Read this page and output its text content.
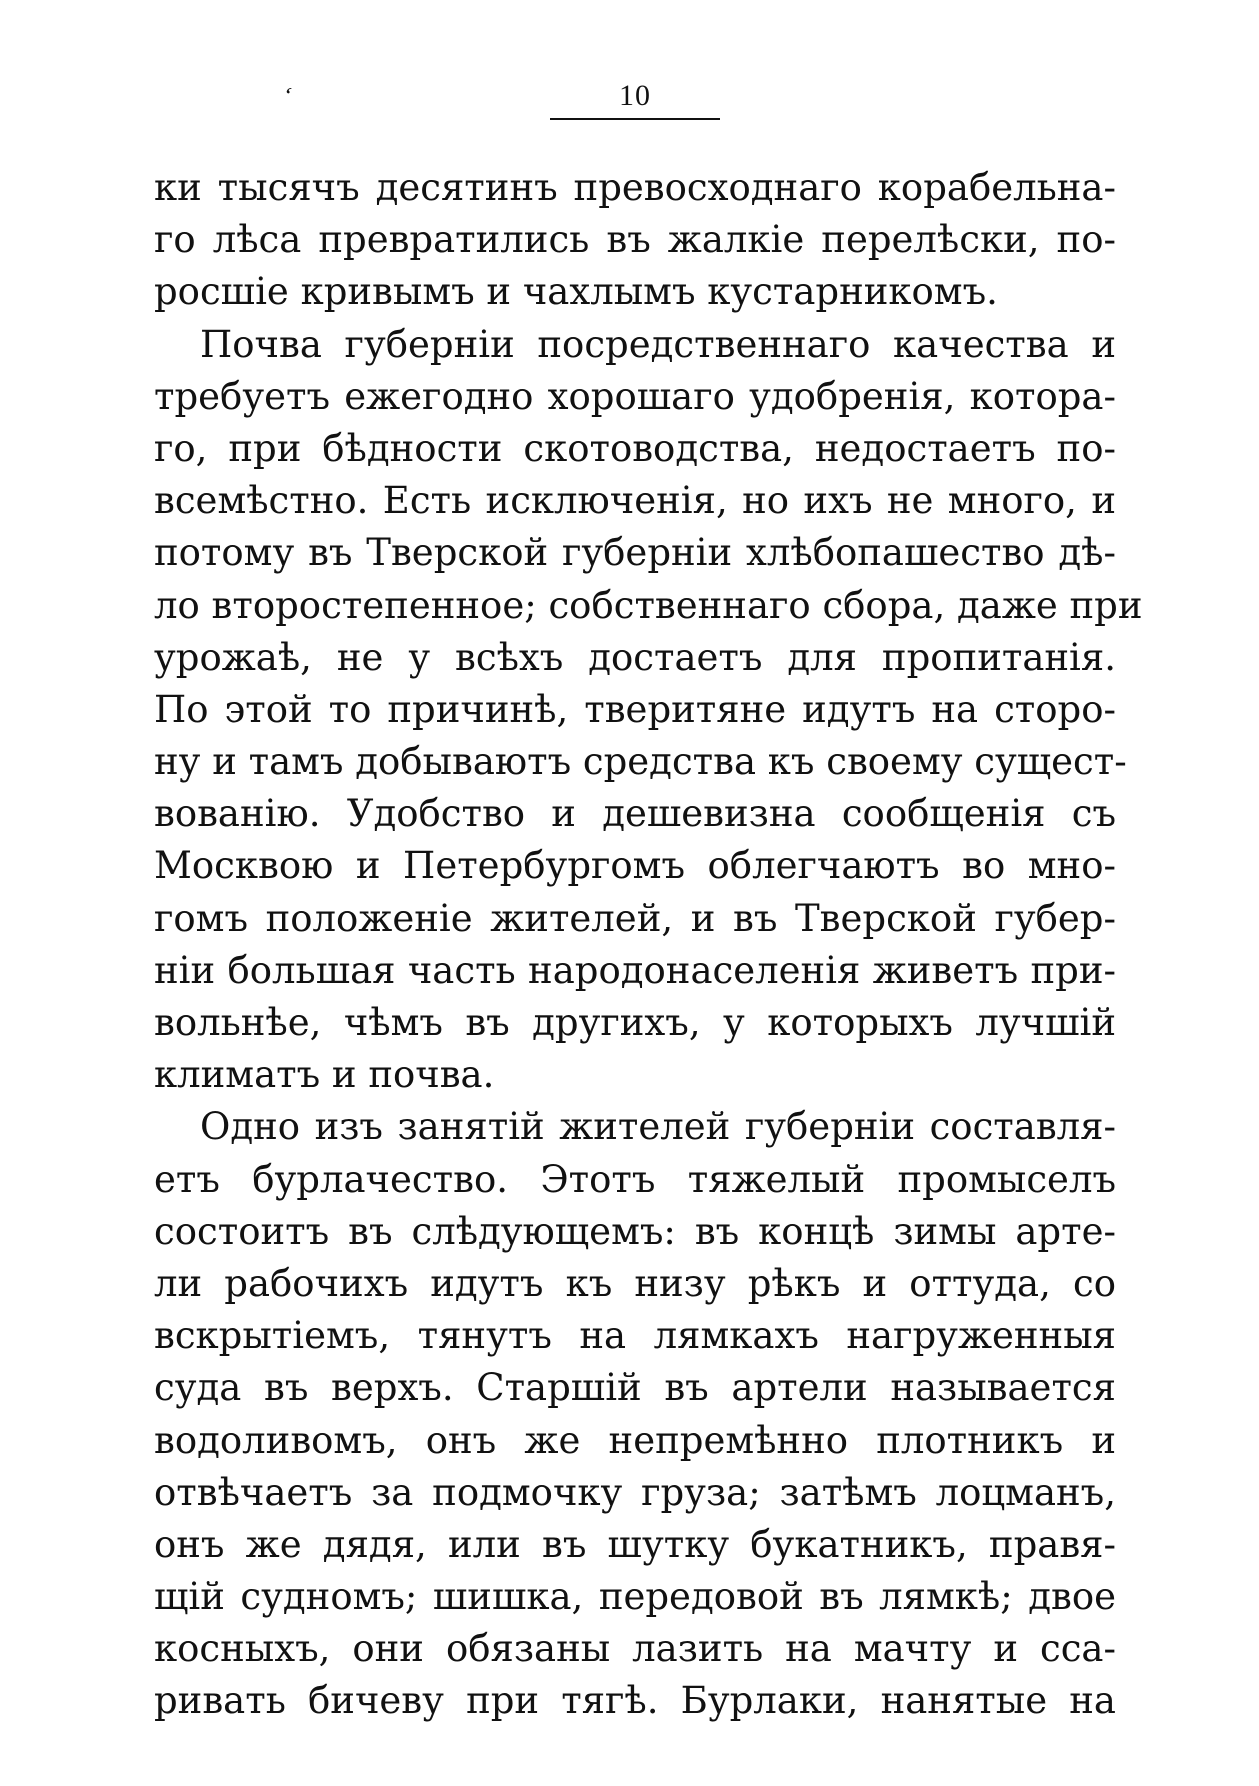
ʻ	10
ки тысячъ десятинъ превосходнаго корабельна-
го лѣса превратились въ жалкіе перелѣски, по-
росшіе кривымъ и чахлымъ кустарникомъ.
Почва губерніи посредственнаго качества и
требуетъ ежегодно хорошаго удобренія, котора-
го, при бѣдности скотоводства, недостаетъ по-
всемѣстно. Есть исключенія, но ихъ не много, и
потому въ Тверской губерніи хлѣбопашество дѣ-
ло второстепенное; собственнаго сбора, даже при
урожаѣ, не у всѣхъ достаетъ для пропитанія.
По этой то причинѣ, тверитяне идутъ на сторо-
ну и тамъ добываютъ средства къ своему сущест-
вованію. Удобство и дешевизна сообщенія съ
Москвою и Петербургомъ облегчаютъ во мно-
гомъ положеніе жителей, и въ Тверской губер-
ніи большая часть народонаселенія живетъ при-
вольнѣе, чѣмъ въ другихъ, у которыхъ лучшій
климатъ и почва.
Одно изъ занятій жителей губерніи составля-
етъ бурлачество. Этотъ тяжелый промыселъ
состоитъ въ слѣдующемъ: въ концѣ зимы арте-
ли рабочихъ идутъ къ низу рѣкъ и оттуда, со
вскрытіемъ, тянутъ на лямкахъ нагруженныя
суда въ верхъ. Старшій въ артели называется
водоливомъ, онъ же непремѣнно плотникъ и
отвѣчаетъ за подмочку груза; затѣмъ лоцманъ,
онъ же дядя, или въ шутку букатникъ, правя-
щій судномъ; шишка, передовой въ лямкѣ; двое
косныхъ, они обязаны лазить на мачту и сса-
ривать бичеву при тягѣ. Бурлаки, нанятые на
